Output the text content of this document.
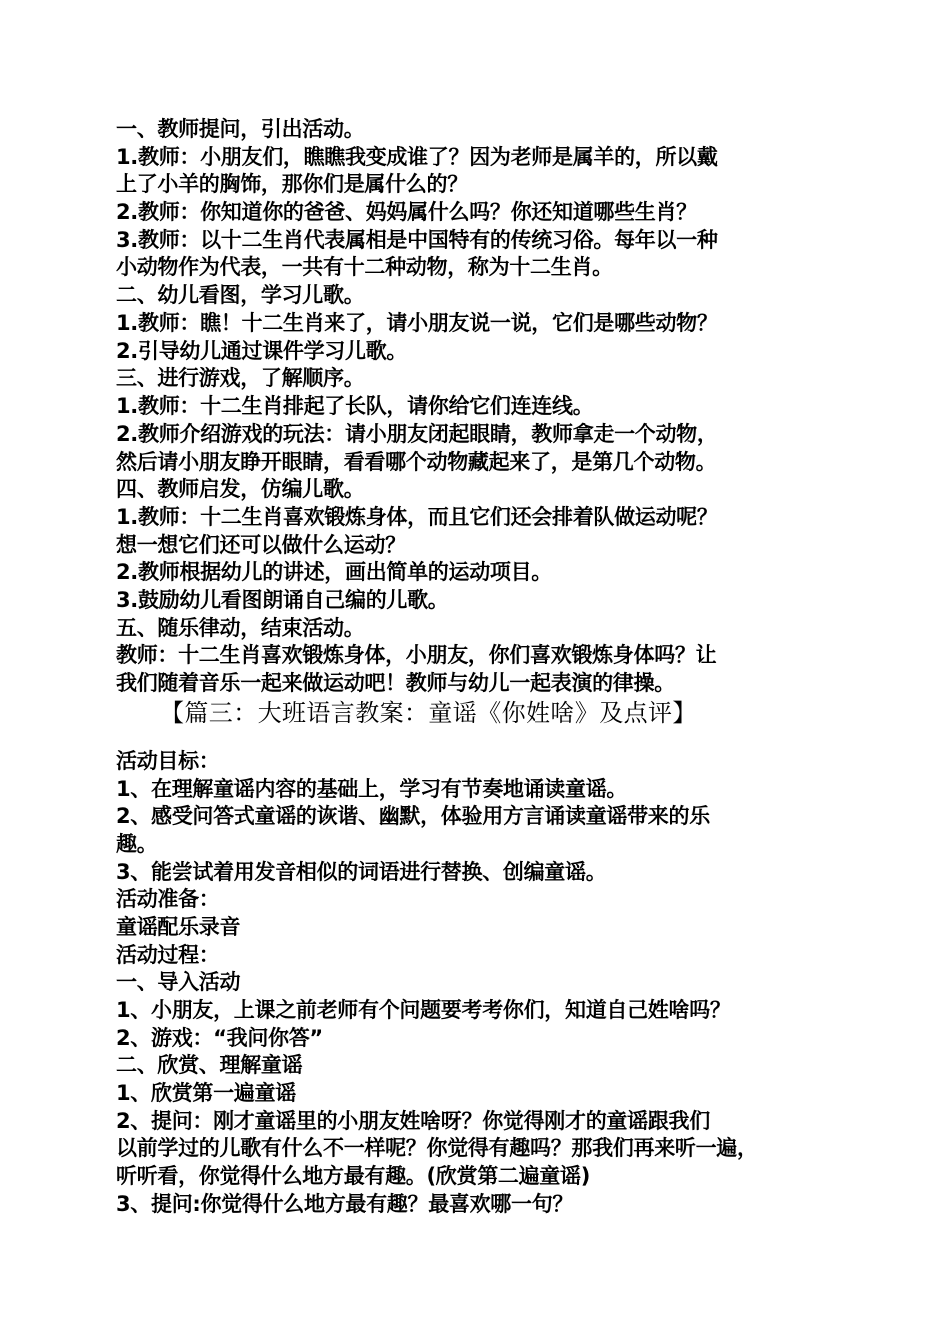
一、教师提问，引出活动。
1.教师：小朋友们，瞧瞧我变成谁了？因为老师是属羊的，所以戴
上了小羊的胸饰，那你们是属什么的？
2.教师：你知道你的爸爸、妈妈属什么吗？你还知道哪些生肖？
3.教师：以十二生肖代表属相是中国特有的传统习俗。每年以一种
小动物作为代表，一共有十二种动物，称为十二生肖。
二、幼儿看图，学习儿歌。
1.教师：瞧！十二生肖来了，请小朋友说一说，它们是哪些动物？
2.引导幼儿通过课件学习儿歌。
三、进行游戏，了解顺序。
1.教师：十二生肖排起了长队，请你给它们连连线。
2.教师介绍游戏的玩法：请小朋友闭起眼睛，教师拿走一个动物，
然后请小朋友睁开眼睛，看看哪个动物藏起来了，是第几个动物。
四、教师启发，仿编儿歌。
1.教师：十二生肖喜欢锻炼身体，而且它们还会排着队做运动呢？
想一想它们还可以做什么运动？
2.教师根据幼儿的讲述，画出简单的运动项目。
3.鼓励幼儿看图朗诵自己编的儿歌。
五、随乐律动，结束活动。
教师：十二生肖喜欢锻炼身体，小朋友，你们喜欢锻炼身体吗？让
我们随着音乐一起来做运动吧！教师与幼儿一起表演的律操。
【篇三：大班语言教案：童谣《你姓啥》及点评】
活动目标：
1、在理解童谣内容的基础上，学习有节奏地诵读童谣。
2、感受问答式童谣的诙谐、幽默，体验用方言诵读童谣带来的乐
趣。
3、能尝试着用发音相似的词语进行替换、创编童谣。
活动准备：
童谣配乐录音
活动过程：
一、导入活动
1、小朋友，上课之前老师有个问题要考考你们，知道自己姓啥吗？
2、游戏：“我问你答”
二、欣赏、理解童谣
1、欣赏第一遍童谣
2、提问：刚才童谣里的小朋友姓啥呀？你觉得刚才的童谣跟我们
以前学过的儿歌有什么不一样呢？你觉得有趣吗？那我们再来听一遍，
听听看，你觉得什么地方最有趣。(欣赏第二遍童谣)
3、提问:你觉得什么地方最有趣？最喜欢哪一句？
